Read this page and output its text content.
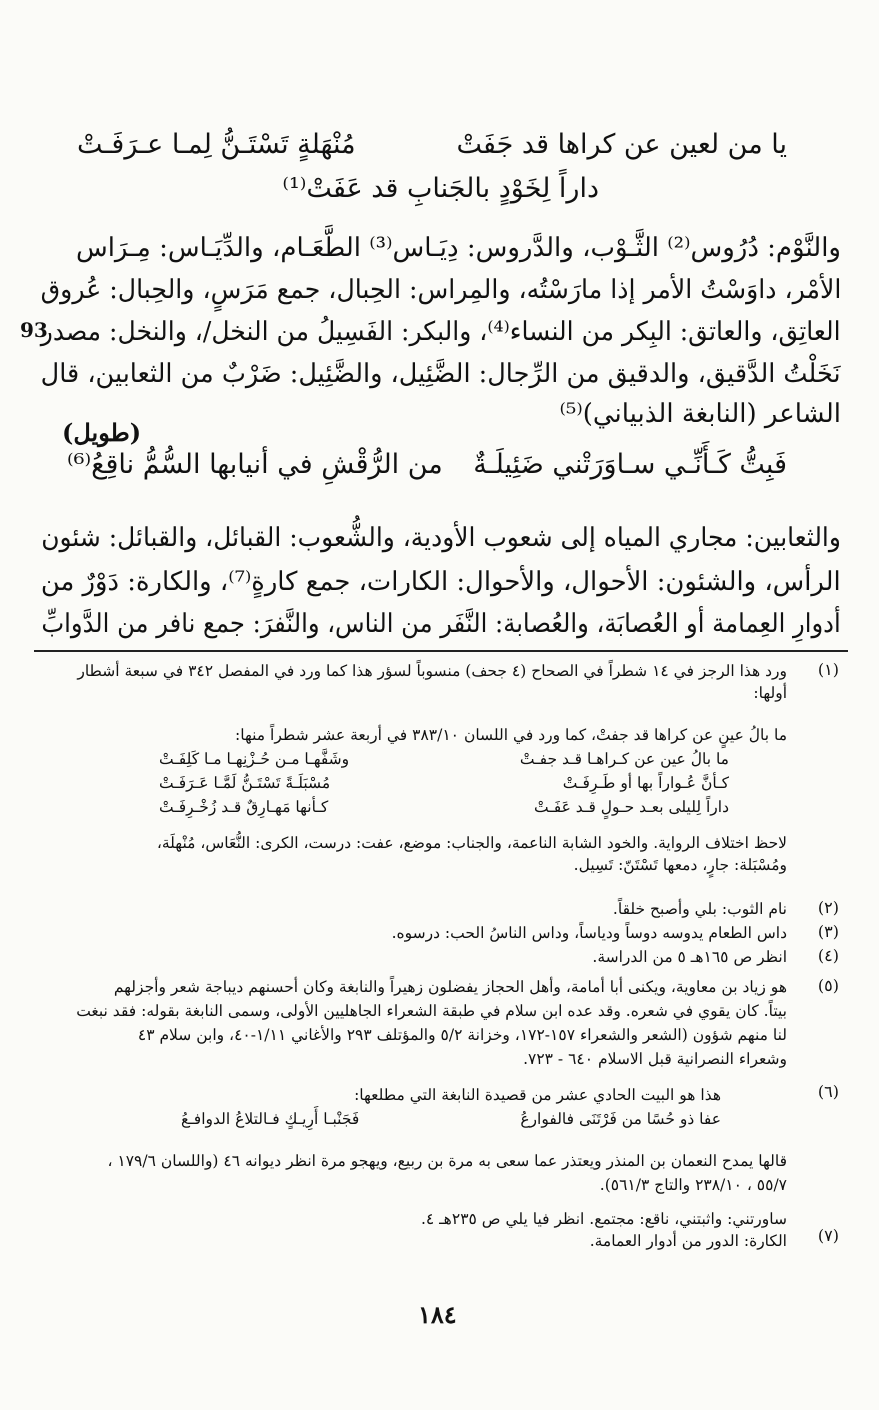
يا من لعين عن كراها قد جَفَتْ
مُنْهَلةٍ تَسْتَـنُّ لِمـا عـرَفَـتْ
داراً لِخَوْدٍ بالجَنابِ قد عَفَتْ⁽¹⁾
والنَّوْم: دُرُوس⁽²⁾ الثَّـوْب، والدَّروس: دِيَـاس⁽³⁾ الطَّعَـام، والدِّيَـاس: مِـرَاس
الأمْر، داوَسْتُ الأمر إذا مارَسْتُه، والمِراس: الحِبال، جمع مَرَسٍ، والحِبال: عُروق
العاتِق، والعاتق: البِكر من النساء⁽⁴⁾، والبكر: الفَسِيلُ من النخل/، والنخل: مصدر
نَخَلْتُ الدَّقيق، والدقيق من الرِّجال: الضَّئِيل، والضَّئِيل: ضَرْبٌ من الثعابين، قال
الشاعر (النابغة الذبياني)⁽⁵⁾
93
(طويل)
فَبِتُّ كَـأَنِّـي سـاوَرَتْني ضَئِيلَـةٌ
من الرُّقْشِ في أنيابها السُّمُّ ناقِعُ⁽⁶⁾
والثعابين: مجاري المياه إلى شعوب الأودية، والشُّعوب: القبائل، والقبائل: شئون
الرأس، والشئون: الأحوال، والأحوال: الكارات، جمع كارةٍ⁽⁷⁾، والكارة: دَوْرٌ من
أدوارِ العِمامة أو العُصابَة، والعُصابة: النَّفَر من الناس، والنَّفرَ: جمع نافر من الدَّوابِّ
(١)
ورد هذا الرجز في ١٤ شطراً في الصحاح (٤ جحف) منسوباً لسؤر هذا كما ورد في المفصل ٣٤٢ في سبعة أشطار
أولها:
ما بالُ عينٍ عن كراها قد جفتْ، كما ورد في اللسان ٣٨٣/١٠ في أربعة عشر شطراً منها:
ما بالُ عين عن كـراهـا قـد جفـتْ
وشَفَّهـا مـن حُـزْنِهـا مـا كَلِفَـتْ
كـأنَّ عُـواراً بها أو طَـرِفَـتْ
مُسْبَلَـةً تَسْتَـنُّ لَمَّـا عَـرَفَـتْ
داراً لِليلى بعـد حـولٍ قـد عَفَـتْ
كـأنها مَهـارِقٌ قـد زُخْـرِفَـتْ
لاحظ اختلاف الرواية. والخود الشابة الناعمة، والجناب: موضع، عفت: درست، الكرى: النُّعَاس، مُنْهلَة،
ومُسْبَلة: جارٍ، دمعها تَسْتَنّ: تَسِيل.
(٢)
نام الثوب: بلي وأصبح خلقاً.
(٣)
داس الطعام يدوسه دوساً ودياساً، وداس الناسُ الحب: درسوه.
(٤)
انظر ص ١٦٥هـ ٥ من الدراسة.
(٥)
هو زياد بن معاوية، ويكنى أبا أمامة، وأهل الحجاز يفضلون زهيراً والنابغة وكان أحسنهم ديباجة شعر وأجزلهم
بيتاً. كان يقوي في شعره. وقد عده ابن سلام في طبقة الشعراء الجاهليين الأولى، وسمى النابغة بقوله: فقد نبغت
لنا منهم شؤون (الشعر والشعراء ١٥٧-١٧٢، وخزانة ٥/٢ والمؤتلف ٢٩٣ والأغاني ١/١١-٤٠، وابن سلام ٤٣
وشعراء النصرانية قبل الاسلام ٦٤٠ - ٧٢٣.
(٦)
هذا هو البيت الحادي عشر من قصيدة النابغة التي مطلعها:
عفا ذو حُسًا من فَرْتَنَى فالفوارعُ
فَجَنْبـا أَرِيـكٍ فـالتلاعُ الدوافـعُ
قالها يمدح النعمان بن المنذر ويعتذر عما سعى به مرة بن ربيع، ويهجو مرة انظر ديوانه ٤٦ (واللسان ١٧٩/٦ ،
٥٥/٧ ، ٢٣٨/١٠ والتاج ٥٦١/٣).
ساورتني: واثبتني، ناقع: مجتمع. انظر فيا يلي ص ٢٣٥هـ ٤.
(٧)
الكارة: الدور من أدوار العمامة.
١٨٤
